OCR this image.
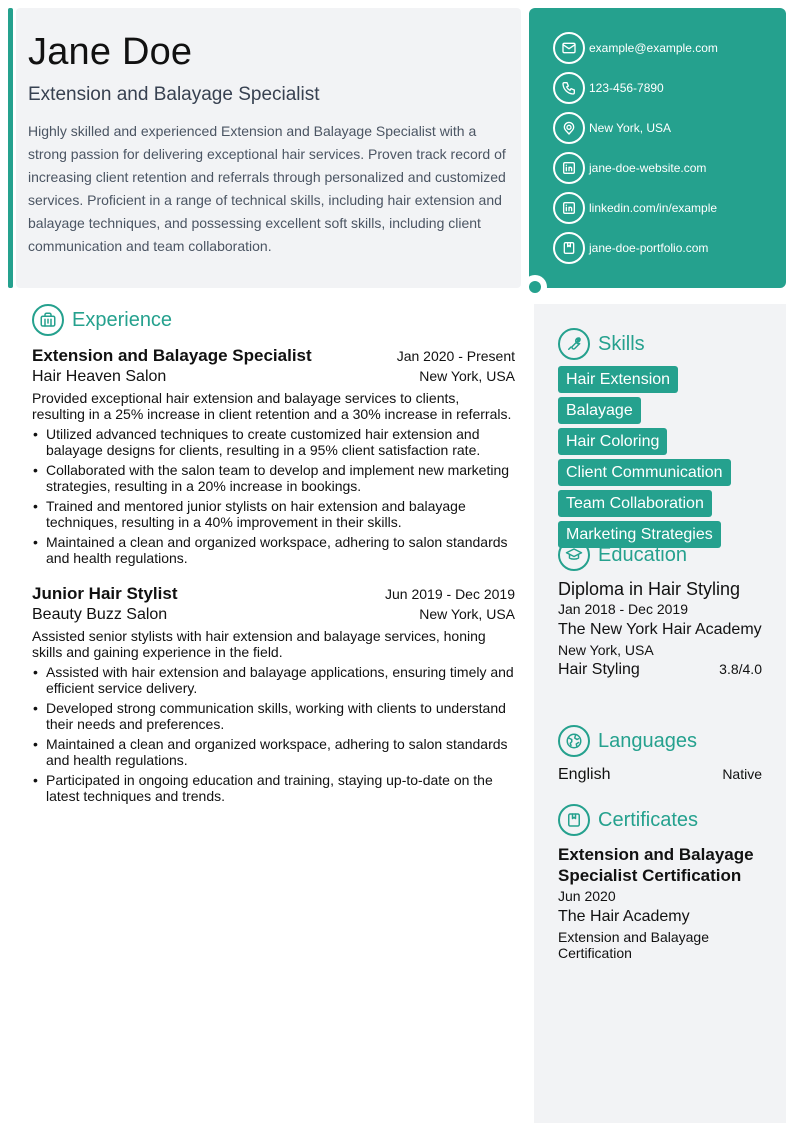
Jane Doe
Extension and Balayage Specialist
Highly skilled and experienced Extension and Balayage Specialist with a strong passion for delivering exceptional hair services. Proven track record of increasing client retention and referrals through personalized and customized services. Proficient in a range of technical skills, including hair extension and balayage techniques, and possessing excellent soft skills, including client communication and team collaboration.
example@example.com
123-456-7890
New York, USA
jane-doe-website.com
linkedin.com/in/example
jane-doe-portfolio.com
Experience
Extension and Balayage Specialist	Jan 2020 - Present
Hair Heaven Salon	New York, USA
Provided exceptional hair extension and balayage services to clients, resulting in a 25% increase in client retention and a 30% increase in referrals.
• Utilized advanced techniques to create customized hair extension and balayage designs for clients, resulting in a 95% client satisfaction rate.
• Collaborated with the salon team to develop and implement new marketing strategies, resulting in a 20% increase in bookings.
• Trained and mentored junior stylists on hair extension and balayage techniques, resulting in a 40% improvement in their skills.
• Maintained a clean and organized workspace, adhering to salon standards and health regulations.
Junior Hair Stylist	Jun 2019 - Dec 2019
Beauty Buzz Salon	New York, USA
Assisted senior stylists with hair extension and balayage services, honing skills and gaining experience in the field.
• Assisted with hair extension and balayage applications, ensuring timely and efficient service delivery.
• Developed strong communication skills, working with clients to understand their needs and preferences.
• Maintained a clean and organized workspace, adhering to salon standards and health regulations.
• Participated in ongoing education and training, staying up-to-date on the latest techniques and trends.
Skills
Hair Extension
Balayage
Hair Coloring
Client Communication
Team Collaboration
Marketing Strategies
Education
Diploma in Hair Styling
Jan 2018 - Dec 2019
The New York Hair Academy
New York, USA
Hair Styling	3.8/4.0
Languages
English	Native
Certificates
Extension and Balayage Specialist Certification
Jun 2020
The Hair Academy
Extension and Balayage Certification
